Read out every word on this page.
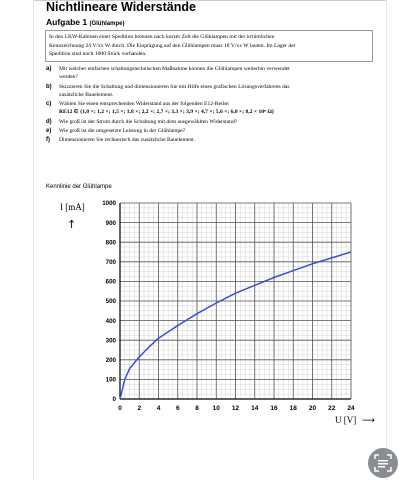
Nichtlineare Widerstände
Aufgabe 1 (Glühlampe)
In den LKW-Kabinen einer Spedition brennen nach kurzer Zeit die Glühlampen mit der irrtümlichen
Kennzeichnung 24 V/xx W durch. Die Einprägung auf den Glühlampen muss 18 V/xx W lauten. Im Lager der
Spedition sind noch 1000 Stück vorhanden.
a) Mit welcher einfachen schaltungstechnischen Maßnahme können die Glühlampen weiterhin verwendet
werden?
b) Skizzieren Sie die Schaltung und dimensionieren Sie mit Hilfe eines grafischen Lösungsverfahrens das
zusätzliche Bauelement.
c) Wählen Sie einen entsprechenden Widerstand aus der folgenden E12-Reihe:
RE12 ∈ {1,0 ×; 1,2 ×; 1,5 ×; 1,8 ×; 2,2 ×; 2,7 ×; 3,3 ×; 3,9 ×; 4,7 ×; 5,6 ×; 6,8 ×; 8,2 × 10ⁿ Ω}
d) Wie groß ist der Strom durch die Schaltung mit dem ausgewählten Widerstand?
e) Wie groß ist die umgesetzte Leistung in der Glühlampe?
f) Dimensionieren Sie rechnerisch das zusätzliche Bauelement.
Kennlinie der Glühlampe
0 2 4 6 8 10 12 14 16 18 20 22 24
0
100
200
300
400
500
600
700
800
900
1000
I [mA]
↑
U [V] ⟶
